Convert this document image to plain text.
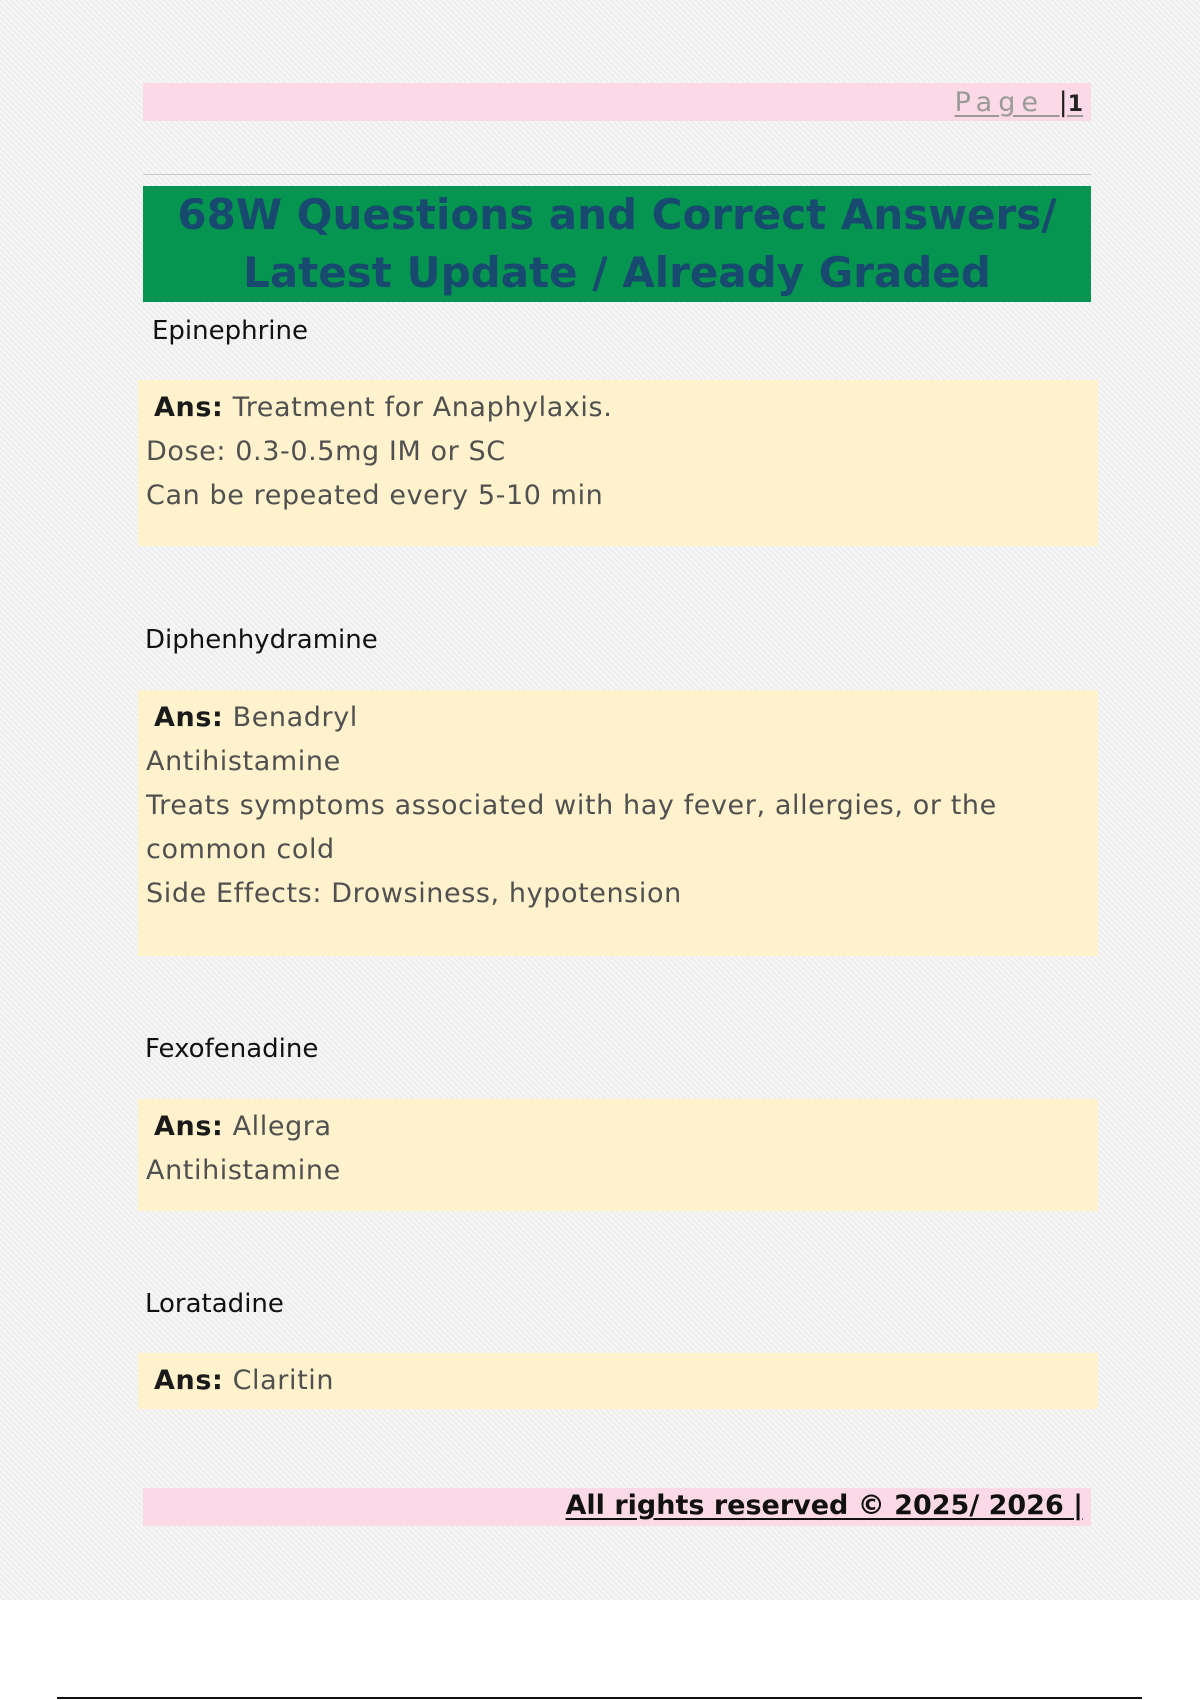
Page |1
68W Questions and Correct Answers/
Latest Update / Already Graded
Epinephrine
Ans: Treatment for Anaphylaxis.
Dose: 0.3-0.5mg IM or SC
Can be repeated every 5-10 min
Diphenhydramine
Ans: Benadryl
Antihistamine
Treats symptoms associated with hay fever, allergies, or the common cold
Side Effects: Drowsiness, hypotension
Fexofenadine
Ans: Allegra
Antihistamine
Loratadine
Ans: Claritin
All rights reserved © 2025/ 2026 |
